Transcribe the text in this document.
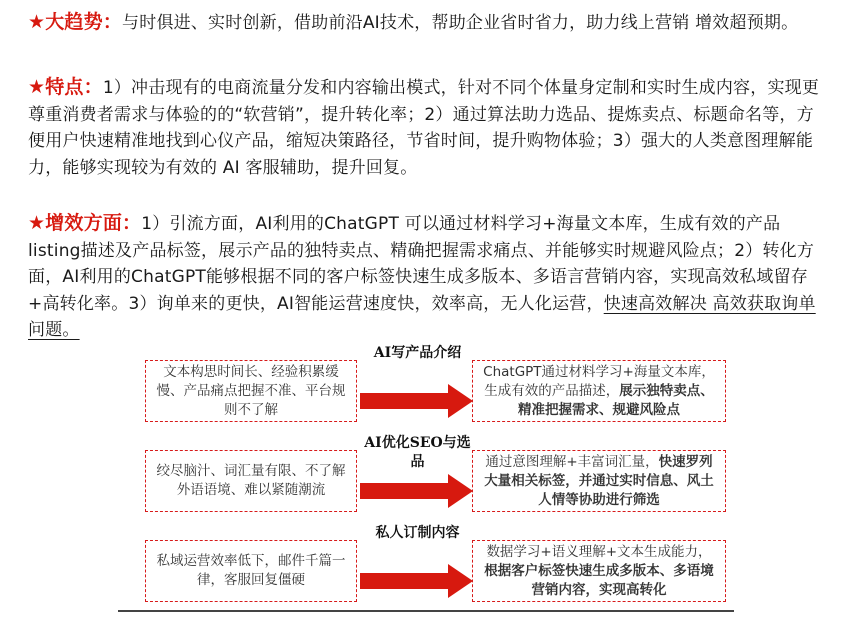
★大趋势：与时俱进、实时创新，借助前沿AI技术，帮助企业省时省力，助力线上营销 增效超预期。
★特点：1）冲击现有的电商流量分发和内容输出模式，针对不同个体量身定制和实时生成内容，实现更尊重消费者需求与体验的的“软营销”，提升转化率；2）通过算法助力选品、提炼卖点、标题命名等，方便用户快速精准地找到心仪产品，缩短决策路径，节省时间，提升购物体验；3）强大的人类意图理解能力，能够实现较为有效的 AI 客服辅助，提升回复。
★增效方面：1）引流方面，AI利用的ChatGPT 可以通过材料学习+海量文本库，生成有效的产品listing描述及产品标签，展示产品的独特卖点、精确把握需求痛点、并能够实时规避风险点；2）转化方面，AI利用的ChatGPT能够根据不同的客户标签快速生成多版本、多语言营销内容，实现高效私域留存+高转化率。3）询单来的更快，AI智能运营速度快，效率高，无人化运营，快速高效解决 高效获取询单问题。
文本构思时间长、经验积累缓慢、产品痛点把握不准、平台规则不了解
AI写产品介绍
ChatGPT通过材料学习+海量文本库，生成有效的产品描述，展示独特卖点、精准把握需求、规避风险点
绞尽脑汁、词汇量有限、不了解外语语境、难以紧随潮流
AI优化SEO与选品	通过意图理解+丰富词汇量，快速罗列大量相关标签，并通过实时信息、风土人情等协助进行筛选
私域运营效率低下，邮件千篇一律，客服回复僵硬
私人订制内容
数据学习+语义理解+文本生成能力，根据客户标签快速生成多版本、多语境营销内容，实现高转化
